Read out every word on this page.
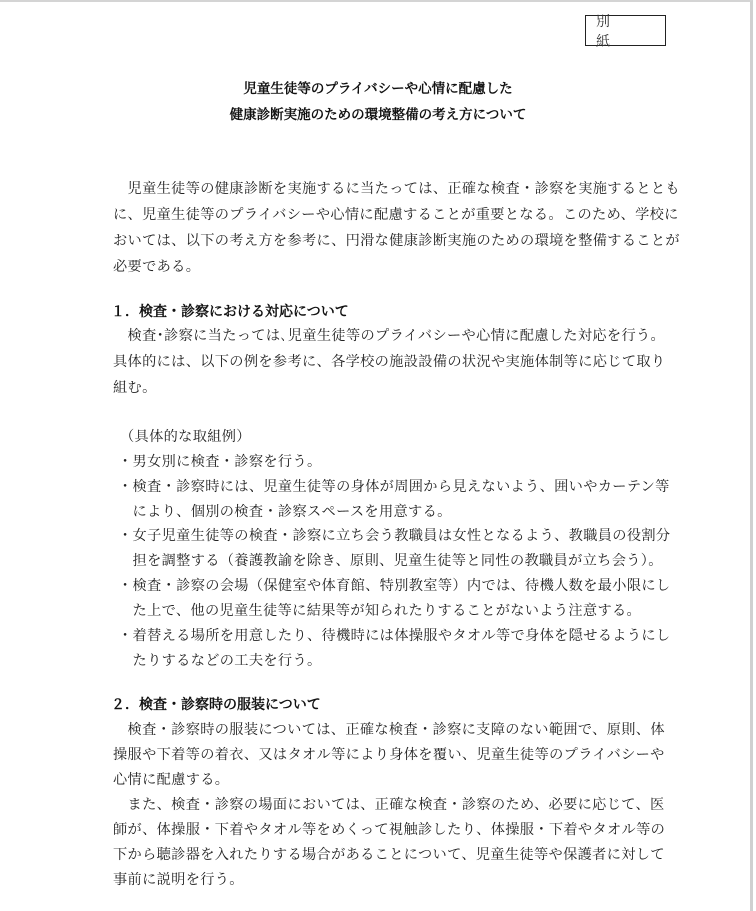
別　紙
児童生徒等のプライバシーや心情に配慮した
健康診断実施のための環境整備の考え方について
　児童生徒等の健康診断を実施するに当たっては、正確な検査・診察を実施するととも
に、児童生徒等のプライバシーや心情に配慮することが重要となる。このため、学校に
おいては、以下の考え方を参考に、円滑な健康診断実施のための環境を整備することが
必要である。
１．検査・診察における対応について
　検査･診察に当たっては､児童生徒等のプライバシーや心情に配慮した対応を行う。
具体的には、以下の例を参考に、各学校の施設設備の状況や実施体制等に応じて取り
組む。
（具体的な取組例）
・男女別に検査・診察を行う。
・検査・診察時には、児童生徒等の身体が周囲から見えないよう、囲いやカーテン等
　により、個別の検査・診察スペースを用意する。
・女子児童生徒等の検査・診察に立ち会う教職員は女性となるよう、教職員の役割分
　担を調整する（養護教諭を除き、原則、児童生徒等と同性の教職員が立ち会う）。
・検査・診察の会場（保健室や体育館、特別教室等）内では、待機人数を最小限にし
　た上で、他の児童生徒等に結果等が知られたりすることがないよう注意する。
・着替える場所を用意したり、待機時には体操服やタオル等で身体を隠せるようにし
　たりするなどの工夫を行う。
２．検査・診察時の服装について
　検査・診察時の服装については、正確な検査・診察に支障のない範囲で、原則、体
操服や下着等の着衣、又はタオル等により身体を覆い、児童生徒等のプライバシーや
心情に配慮する。
　また、検査・診察の場面においては、正確な検査・診察のため、必要に応じて、医
師が、体操服・下着やタオル等をめくって視触診したり、体操服・下着やタオル等の
下から聴診器を入れたりする場合があることについて、児童生徒等や保護者に対して
事前に説明を行う。
